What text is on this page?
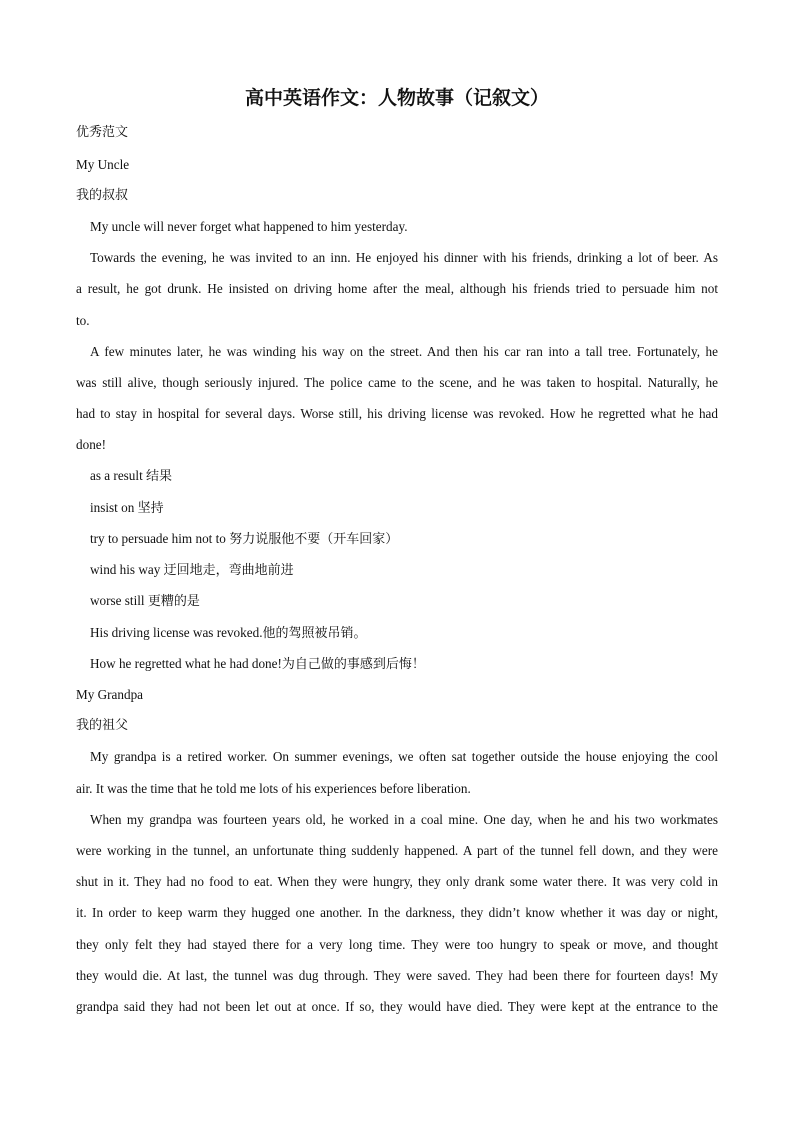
高中英语作文：人物故事（记叙文）
优秀范文
My Uncle
我的叔叔
My uncle will never forget what happened to him yesterday.
Towards the evening, he was invited to an inn. He enjoyed his dinner with his friends, drinking a lot of beer. As
a result, he got drunk. He insisted on driving home after the meal, although his friends tried to persuade him not
to.
A few minutes later, he was winding his way on the street. And then his car ran into a tall tree. Fortunately, he
was still alive, though seriously injured. The police came to the scene, and he was taken to hospital. Naturally, he
had to stay in hospital for several days. Worse still, his driving license was revoked. How he regretted what he had
done!
as a result 结果
insist on 坚持
try to persuade him not to 努力说服他不要（开车回家）
wind his way 迂回地走，弯曲地前进
worse still 更糟的是
His driving license was revoked.他的驾照被吊销。
How he regretted what he had done!为自己做的事感到后悔！
My Grandpa
我的祖父
My grandpa is a retired worker. On summer evenings, we often sat together outside the house enjoying the cool
air. It was the time that he told me lots of his experiences before liberation.
When my grandpa was fourteen years old, he worked in a coal mine. One day, when he and his two workmates
were working in the tunnel, an unfortunate thing suddenly happened. A part of the tunnel fell down, and they were
shut in it. They had no food to eat. When they were hungry, they only drank some water there. It was very cold in
it. In order to keep warm they hugged one another. In the darkness, they didn’t know whether it was day or night,
they only felt they had stayed there for a very long time. They were too hungry to speak or move, and thought
they would die. At last, the tunnel was dug through. They were saved. They had been there for fourteen days! My
grandpa said they had not been let out at once. If so, they would have died. They were kept at the entrance to the
